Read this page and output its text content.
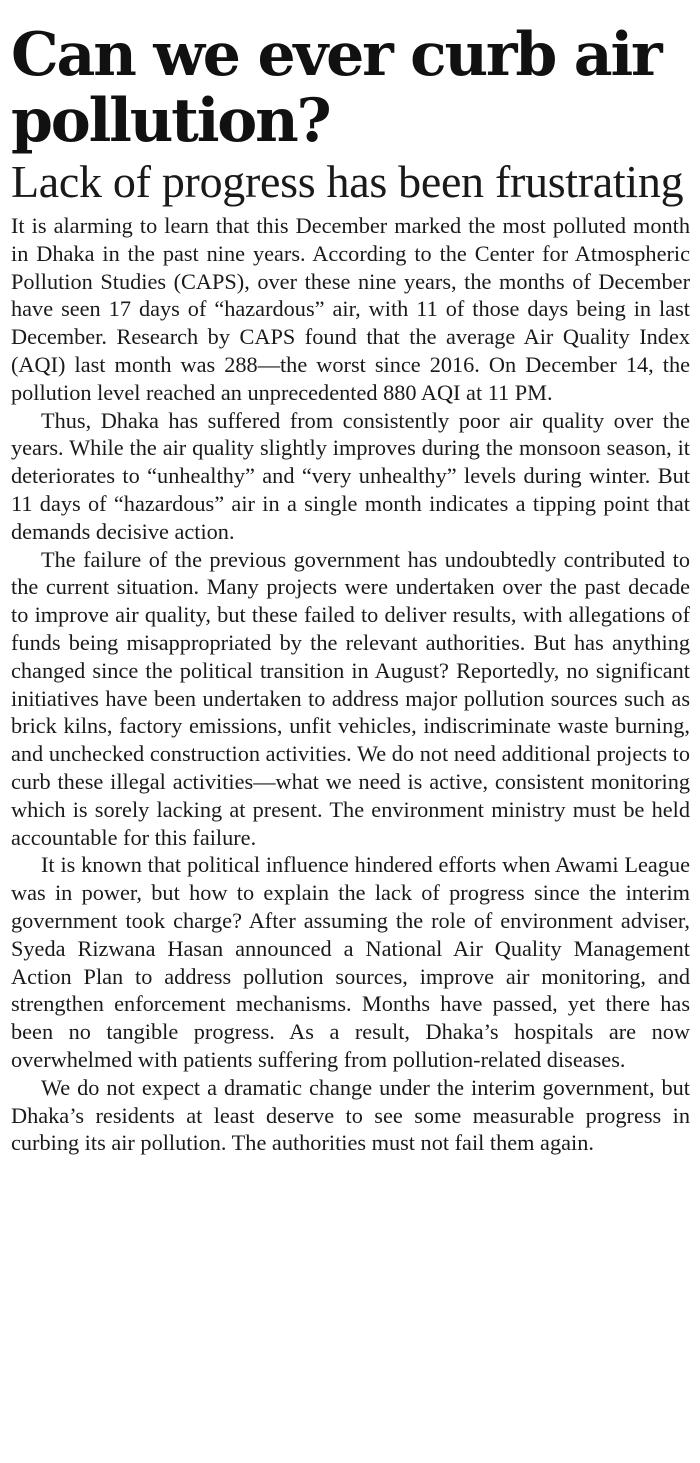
Can we ever curb air pollution?
Lack of progress has been frustrating

It is alarming to learn that this December marked the most polluted month in Dhaka in the past nine years. According to the Center for Atmospheric Pollution Studies (CAPS), over these nine years, the months of December have seen 17 days of “hazardous” air, with 11 of those days being in last December. Research by CAPS found that the average Air Quality Index (AQI) last month was 288—the worst since 2016. On December 14, the pollution level reached an unprecedented 880 AQI at 11 PM.

Thus, Dhaka has suffered from consistently poor air quality over the years. While the air quality slightly improves during the monsoon season, it deteriorates to “unhealthy” and “very unhealthy” levels during winter. But 11 days of “hazardous” air in a single month indicates a tipping point that demands decisive action.

The failure of the previous government has undoubtedly contributed to the current situation. Many projects were undertaken over the past decade to improve air quality, but these failed to deliver results, with allegations of funds being misappropriated by the relevant authorities. But has anything changed since the political transition in August? Reportedly, no significant initiatives have been undertaken to address major pollution sources such as brick kilns, factory emissions, unfit vehicles, indiscriminate waste burning, and unchecked construction activities. We do not need additional projects to curb these illegal activities—what we need is active, consistent monitoring which is sorely lacking at present. The environment ministry must be held accountable for this failure.

It is known that political influence hindered efforts when Awami League was in power, but how to explain the lack of progress since the interim government took charge? After assuming the role of environment adviser, Syeda Rizwana Hasan announced a National Air Quality Management Action Plan to address pollution sources, improve air monitoring, and strengthen enforcement mechanisms. Months have passed, yet there has been no tangible progress. As a result, Dhaka’s hospitals are now overwhelmed with patients suffering from pollution-related diseases.

We do not expect a dramatic change under the interim government, but Dhaka’s residents at least deserve to see some measurable progress in curbing its air pollution. The authorities must not fail them again.
